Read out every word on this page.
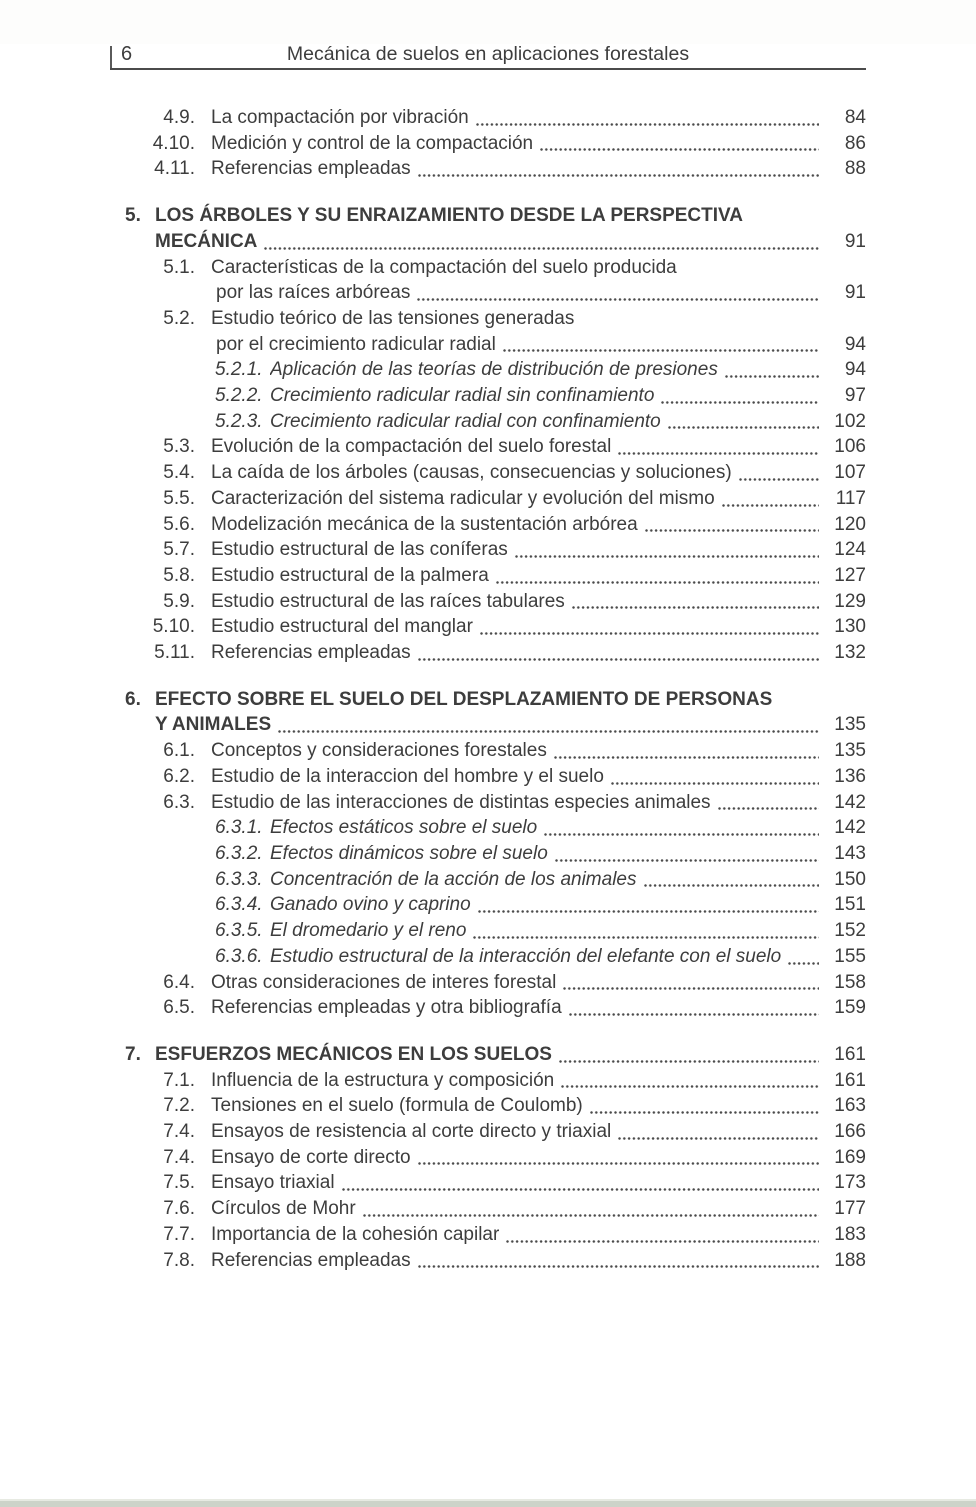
6	Mecánica de suelos en aplicaciones forestales
4.9. La compactación por vibración	84
4.10. Medición y control de la compactación	86
4.11. Referencias empleadas	88
5. LOS ÁRBOLES Y SU ENRAIZAMIENTO DESDE LA PERSPECTIVA
MECÁNICA	91
5.1. Características de la compactación del suelo producida
por las raíces arbóreas	91
5.2. Estudio teórico de las tensiones generadas
por el crecimiento radicular radial	94
5.2.1. Aplicación de las teorías de distribución de presiones	94
5.2.2. Crecimiento radicular radial sin confinamiento	97
5.2.3. Crecimiento radicular radial con confinamiento	102
5.3. Evolución de la compactación del suelo forestal	106
5.4. La caída de los árboles (causas, consecuencias y soluciones)	107
5.5. Caracterización del sistema radicular y evolución del mismo	117
5.6. Modelización mecánica de la sustentación arbórea	120
5.7. Estudio estructural de las coníferas	124
5.8. Estudio estructural de la palmera	127
5.9. Estudio estructural de las raíces tabulares	129
5.10. Estudio estructural del manglar	130
5.11. Referencias empleadas	132
6. EFECTO SOBRE EL SUELO DEL DESPLAZAMIENTO DE PERSONAS
Y ANIMALES	135
6.1. Conceptos y consideraciones forestales	135
6.2. Estudio de la interaccion del hombre y el suelo	136
6.3. Estudio de las interacciones de distintas especies animales	142
6.3.1. Efectos estáticos sobre el suelo	142
6.3.2. Efectos dinámicos sobre el suelo	143
6.3.3. Concentración de la acción de los animales	150
6.3.4. Ganado ovino y caprino	151
6.3.5. El dromedario y el reno	152
6.3.6. Estudio estructural de la interacción del elefante con el suelo	155
6.4. Otras consideraciones de interes forestal	158
6.5. Referencias empleadas y otra bibliografía	159
7. ESFUERZOS MECÁNICOS EN LOS SUELOS	161
7.1. Influencia de la estructura y composición	161
7.2. Tensiones en el suelo (formula de Coulomb)	163
7.4. Ensayos de resistencia al corte directo y triaxial	166
7.4. Ensayo de corte directo	169
7.5. Ensayo triaxial	173
7.6. Círculos de Mohr	177
7.7. Importancia de la cohesión capilar	183
7.8. Referencias empleadas	188
